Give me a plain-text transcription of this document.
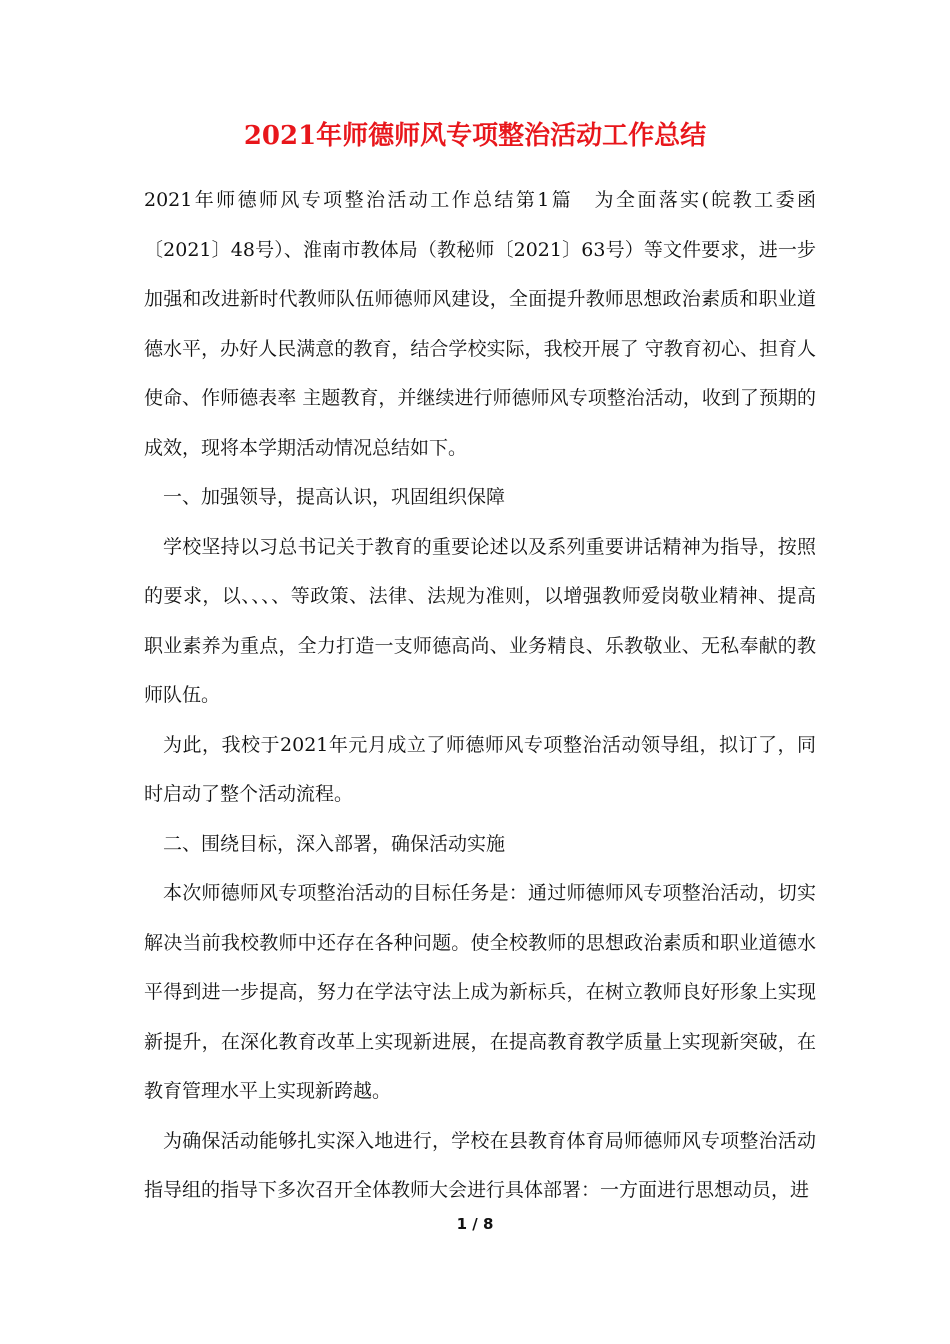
2021年师德师风专项整治活动工作总结

2021年师德师风专项整治活动工作总结第1篇　为全面落实(皖教工委函〔2021〕48号）、淮南市教体局（教秘师〔2021〕63号）等文件要求，进一步加强和改进新时代教师队伍师德师风建设，全面提升教师思想政治素质和职业道德水平，办好人民满意的教育，结合学校实际，我校开展了 守教育初心、担育人使命、作师德表率 主题教育，并继续进行师德师风专项整治活动，收到了预期的成效，现将本学期活动情况总结如下。

一、加强领导，提高认识，巩固组织保障

学校坚持以习总书记关于教育的重要论述以及系列重要讲话精神为指导，按照的要求，以、、、、等政策、法律、法规为准则，以增强教师爱岗敬业精神、提高职业素养为重点，全力打造一支师德高尚、业务精良、乐教敬业、无私奉献的教师队伍。

为此，我校于2021年元月成立了师德师风专项整治活动领导组，拟订了，同时启动了整个活动流程。

二、围绕目标，深入部署，确保活动实施

本次师德师风专项整治活动的目标任务是：通过师德师风专项整治活动，切实解决当前我校教师中还存在各种问题。使全校教师的思想政治素质和职业道德水平得到进一步提高，努力在学法守法上成为新标兵，在树立教师良好形象上实现新提升，在深化教育改革上实现新进展，在提高教育教学质量上实现新突破，在教育管理水平上实现新跨越。

为确保活动能够扎实深入地进行，学校在县教育体育局师德师风专项整治活动指导组的指导下多次召开全体教师大会进行具体部署：一方面进行思想动员，进

1 / 8
